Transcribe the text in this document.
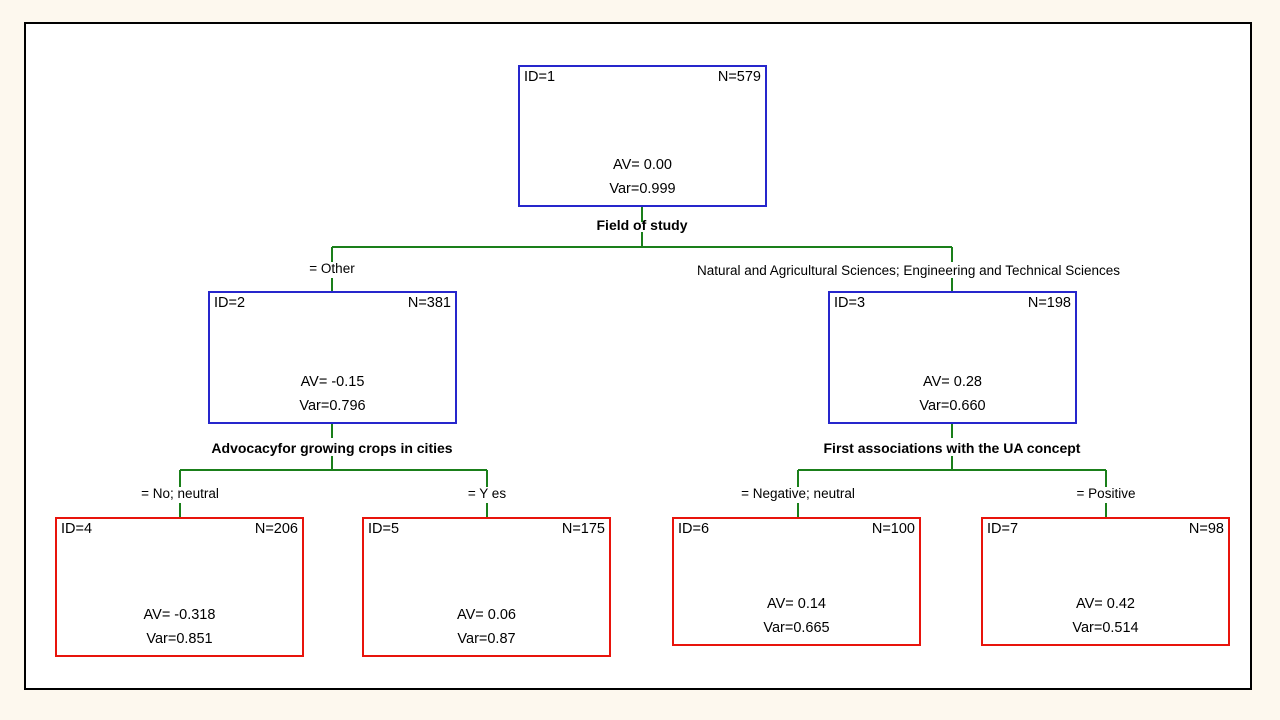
ID=1	N=579
AV= 0.00
Var=0.999
Field of study
= Other	Natural and Agricultural Sciences; Engineering and Technical Sciences
ID=2	N=381
AV= -0.15
Var=0.796
ID=3	N=198
AV= 0.28
Var=0.660
Advocacyfor growing crops in cities	First associations with the UA concept
= No; neutral	= Y es	= Negative; neutral	= Positive
ID=4	N=206
AV= -0.318
Var=0.851
ID=5	N=175
AV= 0.06
Var=0.87
ID=6	N=100
AV= 0.14
Var=0.665
ID=7	N=98
AV= 0.42
Var=0.514
